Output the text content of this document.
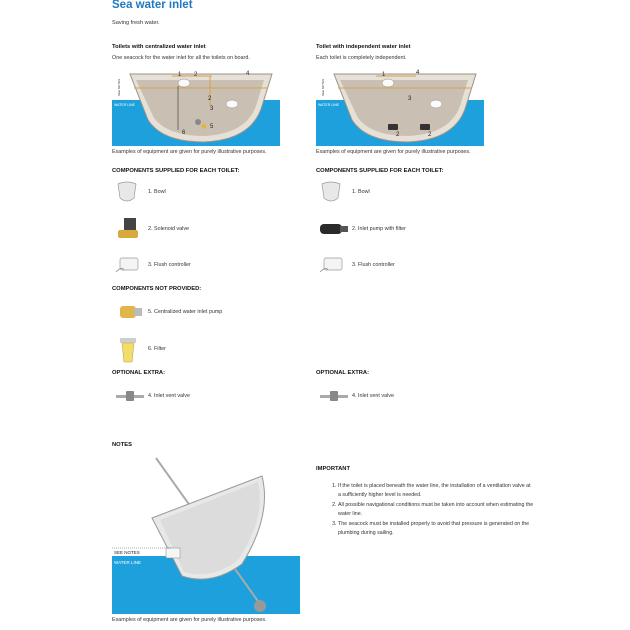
Sea water inlet
Saving fresh water.
Toilets with centralized water inlet
One seacock for the water inlet for all the toilets on board.
1 2	4
2
3
5
6
WATER LINE
SEE NOTES
Examples of equipment are given for purely illustrative purposes.
COMPONENTS SUPPLIED FOR EACH TOILET:
1. Bowl
2. Solenoid valve
3. Flush controller
COMPONENTS NOT PROVIDED:
5. Centralized water inlet pump
6. Filter
OPTIONAL EXTRA:
4. Inlet vent valve
Toilet with independent water inlet
Each toilet is completely independent.
1	4
3
2	2
WATER LINE
SEE NOTES
Examples of equipment are given for purely illustrative purposes.
COMPONENTS SUPPLIED FOR EACH TOILET:
1. Bowl
2. Inlet pump with filter
3. Flush controller
OPTIONAL EXTRA:
4. Inlet vent valve
NOTES
SEE NOTES
WATER LINE
Examples of equipment are given for purely illustrative purposes.
IMPORTANT
1. If the toilet is placed beneath the water line, the installation of a ventilation valve at a sufficiently higher level is needed.
2. All possible navigational conditions must be taken into account when estimating the water line.
3. The seacock must be installed properly to avoid that pressure is generated on the plumbing during sailing.
